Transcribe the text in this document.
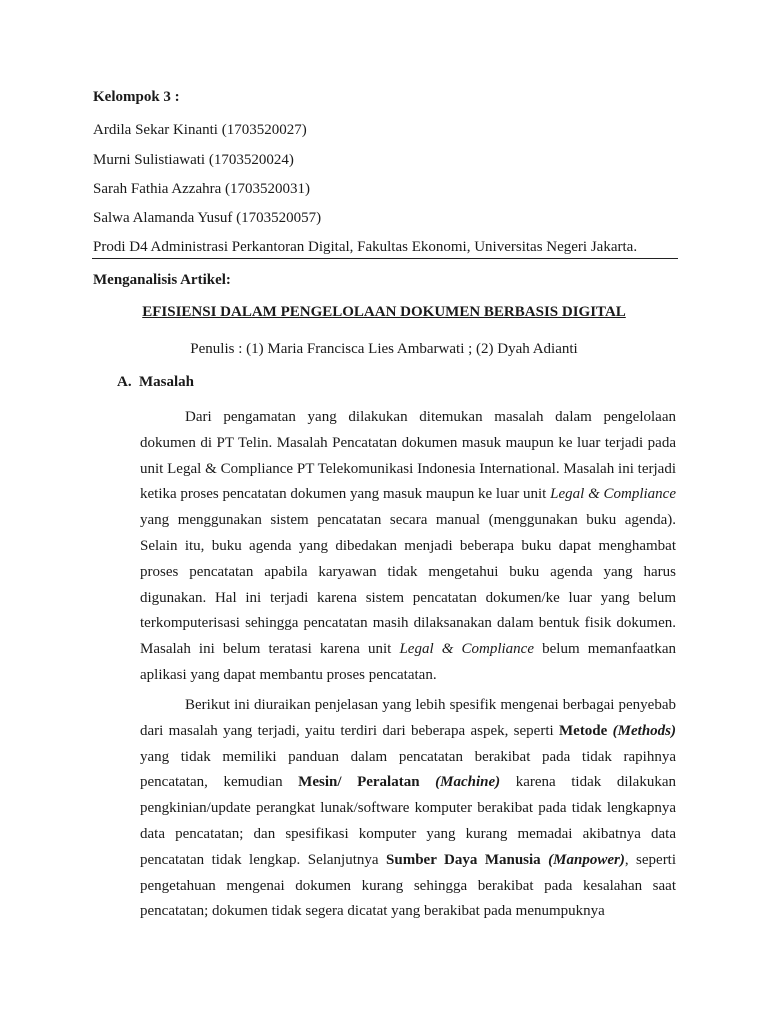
Kelompok 3 :
Ardila Sekar Kinanti (1703520027)
Murni Sulistiawati (1703520024)
Sarah Fathia Azzahra (1703520031)
Salwa Alamanda Yusuf (1703520057)
Prodi D4 Administrasi Perkantoran Digital, Fakultas Ekonomi, Universitas Negeri Jakarta.
Menganalisis Artikel:
EFISIENSI DALAM PENGELOLAAN DOKUMEN BERBASIS DIGITAL
Penulis : (1) Maria Francisca Lies Ambarwati ; (2) Dyah Adianti
A. Masalah

Dari pengamatan yang dilakukan ditemukan masalah dalam pengelolaan dokumen di PT Telin. Masalah Pencatatan dokumen masuk maupun ke luar terjadi pada unit Legal & Compliance PT Telekomunikasi Indonesia International. Masalah ini terjadi ketika proses pencatatan dokumen yang masuk maupun ke luar unit Legal & Compliance yang menggunakan sistem pencatatan secara manual (menggunakan buku agenda). Selain itu, buku agenda yang dibedakan menjadi beberapa buku dapat menghambat proses pencatatan apabila karyawan tidak mengetahui buku agenda yang harus digunakan. Hal ini terjadi karena sistem pencatatan dokumen/ke luar yang belum terkomputerisasi sehingga pencatatan masih dilaksanakan dalam bentuk fisik dokumen. Masalah ini belum teratasi karena unit Legal & Compliance belum memanfaatkan aplikasi yang dapat membantu proses pencatatan.

Berikut ini diuraikan penjelasan yang lebih spesifik mengenai berbagai penyebab dari masalah yang terjadi, yaitu terdiri dari beberapa aspek, seperti Metode (Methods) yang tidak memiliki panduan dalam pencatatan berakibat pada tidak rapihnya pencatatan, kemudian Mesin/ Peralatan (Machine) karena tidak dilakukan pengkinian/update perangkat lunak/software komputer berakibat pada tidak lengkapnya data pencatatan; dan spesifikasi komputer yang kurang memadai akibatnya data pencatatan tidak lengkap. Selanjutnya Sumber Daya Manusia (Manpower), seperti pengetahuan mengenai dokumen kurang sehingga berakibat pada kesalahan saat pencatatan; dokumen tidak segera dicatat yang berakibat pada menumpuknya
